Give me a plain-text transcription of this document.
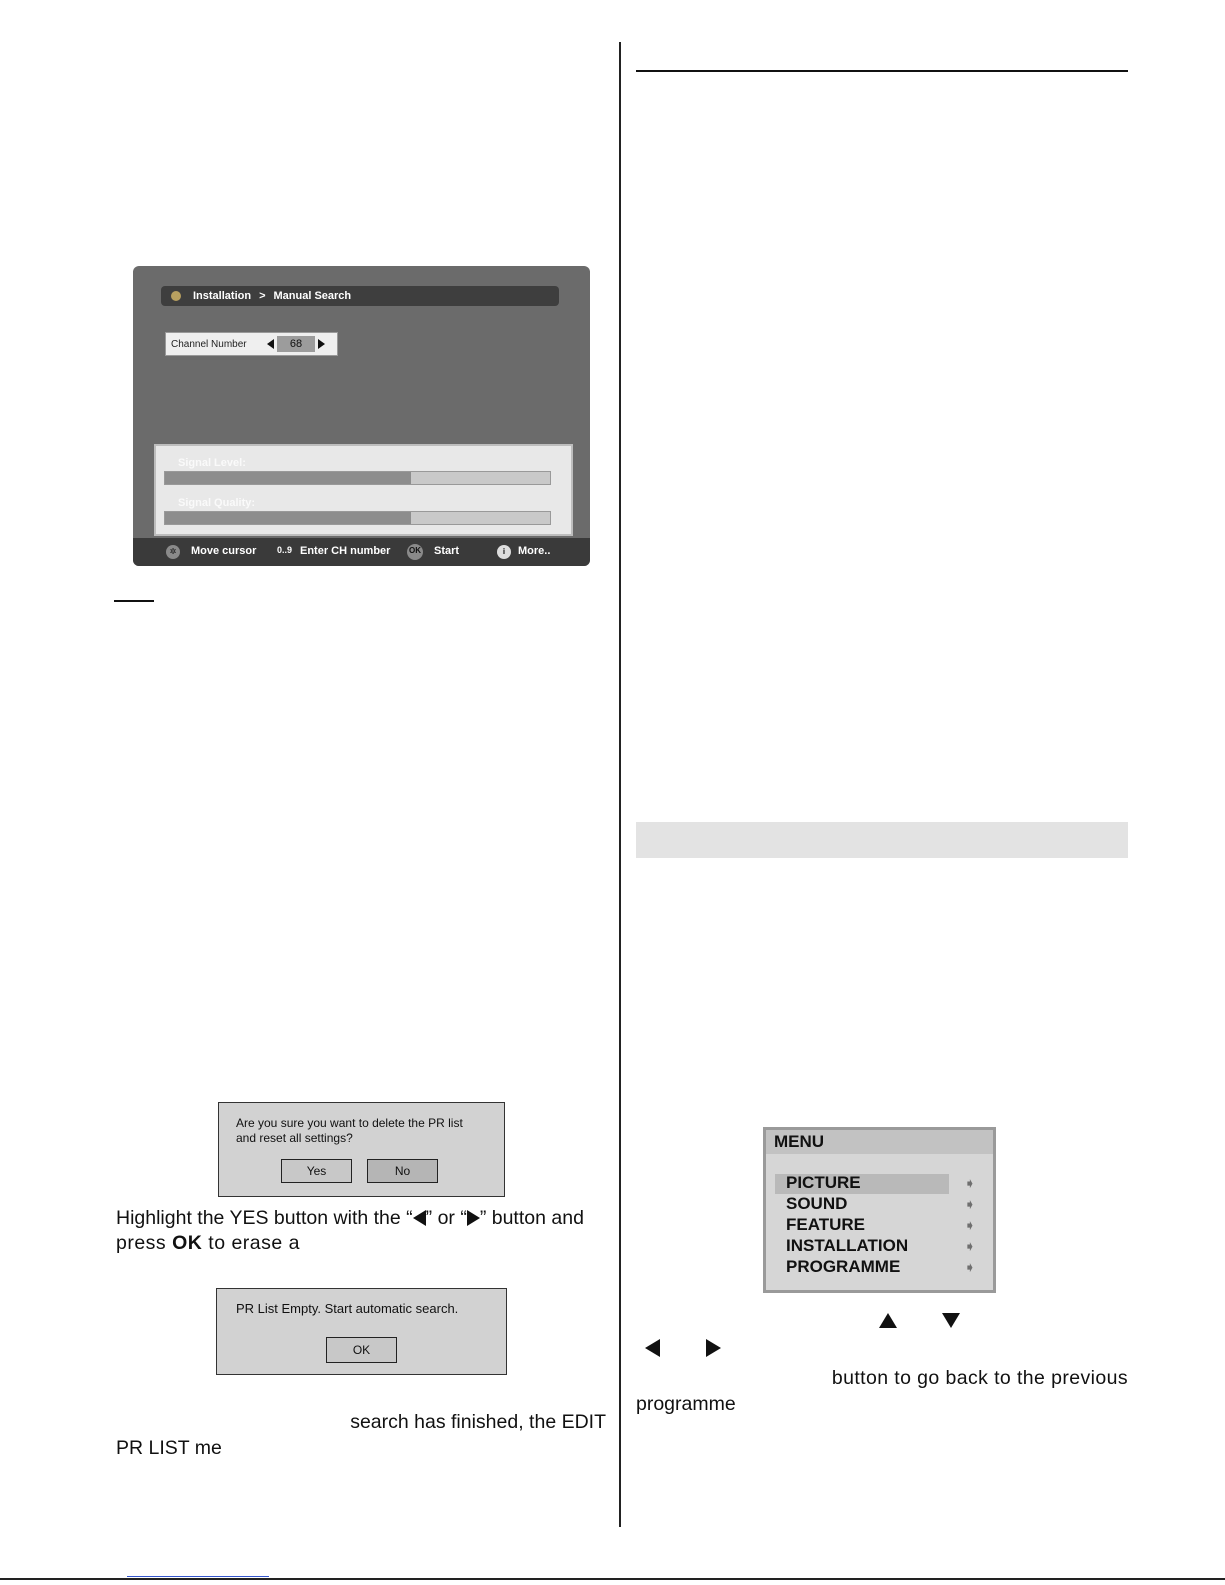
Installation > Manual Search
Channel Number	68
Signal Level:
Signal Quality:
✲	Move cursor 0..9 Enter CH number OK Start	i	More..
Are you sure you want to delete the PR list
and reset all settings?
Yes	No
Highlight the YES button with the “ ” or “ ” button and
press OK to erase a
PR List Empty. Start automatic search.
OK
search has finished, the EDIT
PR LIST me
MENU
PICTURE
SOUND
FEATURE
INSTALLATION
PROGRAMME
➧
➧
➧
➧
➧
button to go back to the previous
programme
